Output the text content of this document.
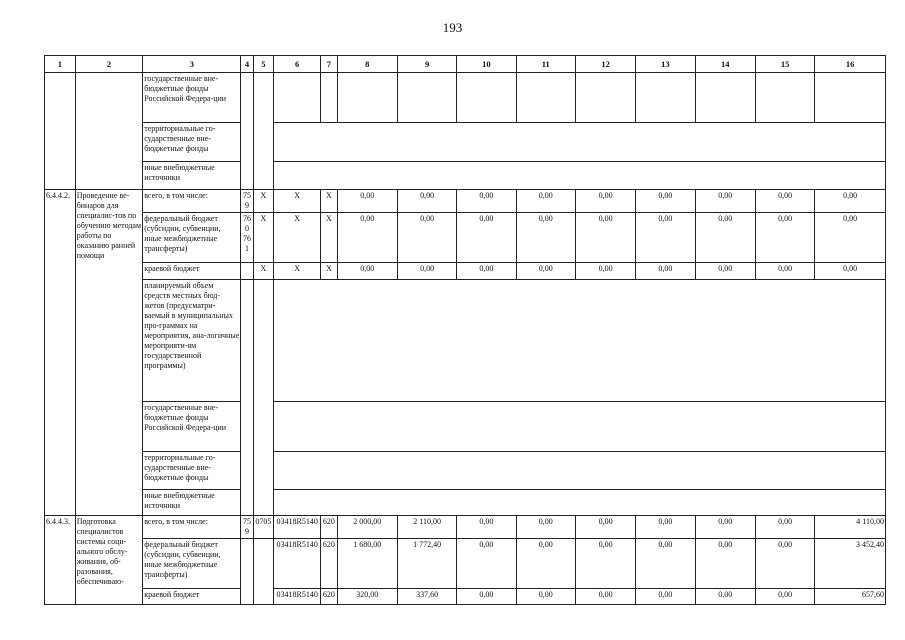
193
1	2	3	4	5	6	7	8	9	10	11	12	13	14	15	16
		государственные вне-бюджетные фонды Российской Федера-ции													
		территориальные го-сударственные вне-бюджетные фонды													
		иные внебюджетные источники													
6.4.4.2.	Проведение ве-бинаров для специалис-тов по обучению методам работы по оказанию ранней помощи	всего, в том числе:	759	X	X	X	0,00	0,00	0,00	0,00	0,00	0,00	0,00	0,00	0,00
		федеральный бюджет (субсидии, субвенции, иные межбюджетные трансферты)	760 761	X	X	X	0,00	0,00	0,00	0,00	0,00	0,00	0,00	0,00	0,00
		краевой бюджет		X	X	X	0,00	0,00	0,00	0,00	0,00	0,00	0,00	0,00	0,00
		планируемый объем средств местных бюд-жетов (предусматри-ваемый в муниципальных про-граммах на мероприятия, ана-логичные мероприяти-ям государственной программы)													
		государственные вне-бюджетные фонды Российской Федера-ции													
		территориальные го-сударственные вне-бюджетные фонды													
		иные внебюджетные источники													
6.4.4.3.	Подготовка специалистов системы соци-ального обслу-живания, об-разования, обеспечиваю-	всего, в том числе:	759	0705	03418R5140	620	2 000,00	2 110,00	0,00	0,00	0,00	0,00	0,00	0,00	4 110,00
		федеральный бюджет (субсидии, субвенции, иные межбюджетные трансферты)			03418R5140	620	1 680,00	1 772,40	0,00	0,00	0,00	0,00	0,00	0,00	3 452,40
		краевой бюджет			03418R5140	620	320,00	337,60	0,00	0,00	0,00	0,00	0,00	0,00	657,60
